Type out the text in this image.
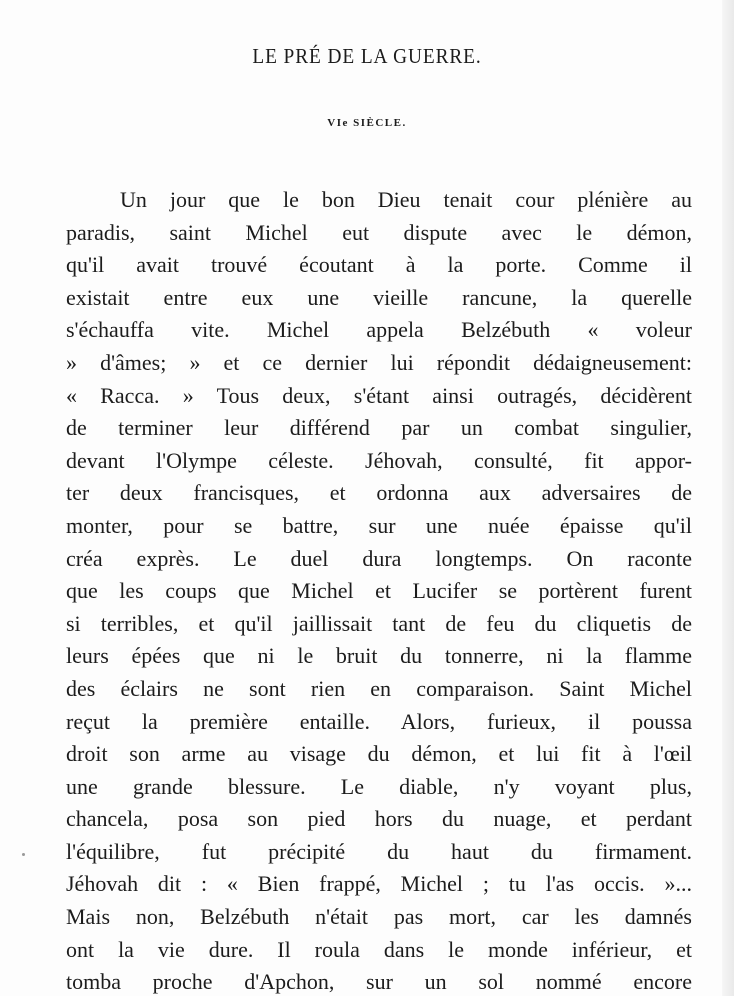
LE PRÉ DE LA GUERRE.
VIe SIÈCLE.
Un jour que le bon Dieu tenait cour plénière au
paradis, saint Michel eut dispute avec le démon,
qu'il avait trouvé écoutant à la porte. Comme il
existait entre eux une vieille rancune, la querelle
s'échauffa vite. Michel appela Belzébuth « voleur
» d'âmes; » et ce dernier lui répondit dédaigneusement:
« Racca. » Tous deux, s'étant ainsi outragés, décidèrent
de terminer leur différend par un combat singulier,
devant l'Olympe céleste. Jéhovah, consulté, fit appor-
ter deux francisques, et ordonna aux adversaires de
monter, pour se battre, sur une nuée épaisse qu'il
créa exprès. Le duel dura longtemps. On raconte
que les coups que Michel et Lucifer se portèrent furent
si terribles, et qu'il jaillissait tant de feu du cliquetis de
leurs épées que ni le bruit du tonnerre, ni la flamme
des éclairs ne sont rien en comparaison. Saint Michel
reçut la première entaille. Alors, furieux, il poussa
droit son arme au visage du démon, et lui fit à l'œil
une grande blessure. Le diable, n'y voyant plus,
chancela, posa son pied hors du nuage, et perdant
l'équilibre, fut précipité du haut du firmament.
Jéhovah dit : « Bien frappé, Michel ; tu l'as occis. »...
Mais non, Belzébuth n'était pas mort, car les damnés
ont la vie dure. Il roula dans le monde inférieur, et
tomba proche d'Apchon, sur un sol nommé encore
